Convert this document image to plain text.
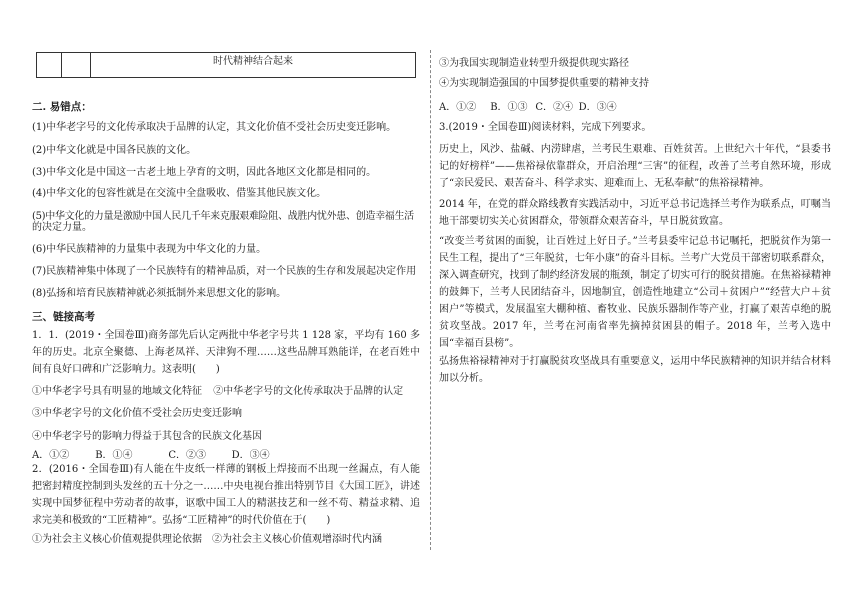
时代精神结合起来
二. 易错点：
(1)中华老字号的文化传承取决于品牌的认定，其文化价值不受社会历史变迁影响。
(2)中华文化就是中国各民族的文化。
(3)中华文化是中国这一古老土地上孕育的文明，因此各地区文化都是相同的。
(4)中华文化的包容性就是在交流中全盘吸收、借鉴其他民族文化。
(5)中华文化的力量是激励中国人民几千年来克服艰难险阻、战胜内忧外患、创造幸福生活
的决定力量。
(6)中华民族精神的力量集中表现为中华文化的力量。
(7)民族精神集中体现了一个民族特有的精神品质，对一个民族的生存和发展起决定作用
(8)弘扬和培育民族精神就必须抵制外来思想文化的影响。
三、链接高考
1．1．(2019・全国卷Ⅲ)商务部先后认定两批中华老字号共 1 128 家，平均有 160 多年的历史。北京全聚德、上海老凤祥、天津狗不理……这些品牌耳熟能详，在老百姓中间有良好口碑和广泛影响力。这表明(　　)
①中华老字号具有明显的地域文化特征 ②中华老字号的文化传承取决于品牌的认定
③中华老字号的文化价值不受社会历史变迁影响
④中华老字号的影响力得益于其包含的民族文化基因
A．①②	B．①④	C．②③	D．③④
2．(2016・全国卷Ⅲ)有人能在牛皮纸一样薄的钢板上焊接而不出现一丝漏点，有人能把密封精度控制到头发丝的五十分之一……中央电视台推出特别节目《大国工匠》，讲述实现中国梦征程中劳动者的故事，讴歌中国工人的精湛技艺和一丝不苟、精益求精、追求完美和极致的“工匠精神”。弘扬“工匠精神”的时代价值在于(　　)
①为社会主义核心价值观提供理论依据　②为社会主义核心价值观增添时代内涵
③为我国实现制造业转型升级提供现实路径
④为实现制造强国的中国梦提供重要的精神支持
A．①② B．①③ C．②④ D．③④
3.(2019・全国卷Ⅲ)阅读材料，完成下列要求。
历史上，风沙、盐碱、内涝肆虐，兰考民生艰难、百姓贫苦。上世纪六十年代，“县委书记的好榜样”——焦裕禄依靠群众，开启治理“三害”的征程，改善了兰考自然环境，形成了“亲民爱民、艰苦奋斗、科学求实、迎难而上、无私奉献”的焦裕禄精神。
2014 年，在党的群众路线教育实践活动中，习近平总书记选择兰考作为联系点，叮嘱当地干部要切实关心贫困群众，带领群众艰苦奋斗，早日脱贫致富。
“改变兰考贫困的面貌，让百姓过上好日子。”兰考县委牢记总书记嘱托，把脱贫作为第一民生工程，提出了“三年脱贫，七年小康”的奋斗目标。兰考广大党员干部密切联系群众，深入调查研究，找到了制约经济发展的瓶颈，制定了切实可行的脱贫措施。在焦裕禄精神的鼓舞下，兰考人民团结奋斗，因地制宜，创造性地建立“公司＋贫困户”“经营大户＋贫困户”等模式，发展温室大棚种植、畜牧业、民族乐器制作等产业，打赢了艰苦卓绝的脱贫攻坚战。2017 年，兰考在河南省率先摘掉贫困县的帽子。2018 年，兰考入选中国“幸福百县榜”。
弘扬焦裕禄精神对于打赢脱贫攻坚战具有重要意义，运用中华民族精神的知识并结合材料加以分析。
